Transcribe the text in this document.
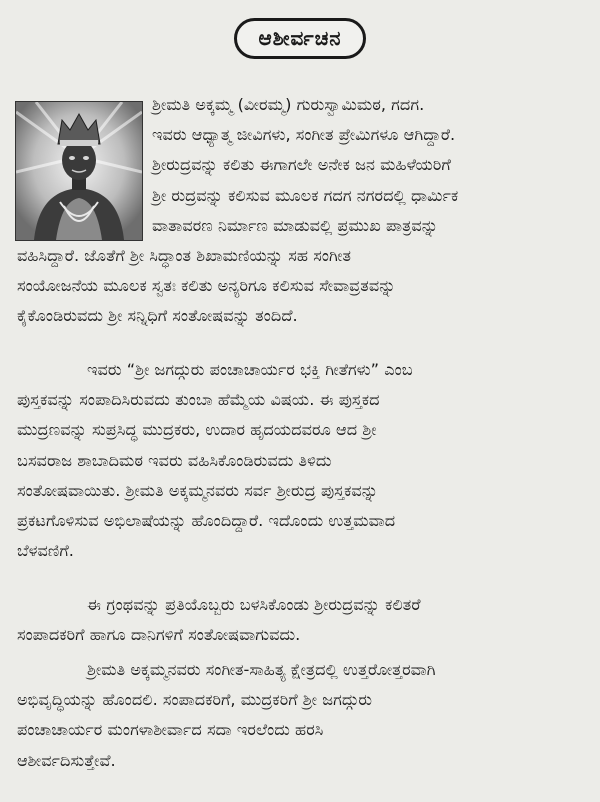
ಆಶೀರ್ವಚನ
ಶ್ರೀಮತಿ ಅಕ್ಕಮ್ಮ (ವೀರಮ್ಮ) ಗುರುಸ್ವಾಮಿಮಠ, ಗದಗ.
ಇವರು ಆಧ್ಯಾತ್ಮ ಜೀವಿಗಳು, ಸಂಗೀತ ಪ್ರೇಮಿಗಳೂ ಆಗಿದ್ದಾರೆ.
ಶ್ರೀರುದ್ರವನ್ನು ಕಲಿತು ಈಗಾಗಲೇ ಅನೇಕ ಜನ ಮಹಿಳೆಯರಿಗೆ
ಶ್ರೀ ರುದ್ರವನ್ನು ಕಲಿಸುವ ಮೂಲಕ ಗದಗ ನಗರದಲ್ಲಿ ಧಾರ್ಮಿಕ
ವಾತಾವರಣ ನಿರ್ಮಾಣ ಮಾಡುವಲ್ಲಿ ಪ್ರಮುಖ ಪಾತ್ರವನ್ನು
ವಹಿಸಿದ್ದಾರೆ. ಜೊತೆಗೆ ಶ್ರೀ ಸಿದ್ಧಾಂತ ಶಿಖಾಮಣಿಯನ್ನು ಸಹ ಸಂಗೀತ
ಸಂಯೋಜನೆಯ ಮೂಲಕ ಸ್ವತಃ ಕಲಿತು ಅನ್ಯರಿಗೂ ಕಲಿಸುವ ಸೇವಾವ್ರತವನ್ನು
ಕೈಕೊಂಡಿರುವದು ಶ್ರೀ ಸನ್ನಿಧಿಗೆ ಸಂತೋಷವನ್ನು ತಂದಿದೆ.
ಇವರು “ಶ್ರೀ ಜಗದ್ಗುರು ಪಂಚಾಚಾರ್ಯರ ಭಕ್ತಿ ಗೀತೆಗಳು” ಎಂಬ
ಪುಸ್ತಕವನ್ನು ಸಂಪಾದಿಸಿರುವದು ತುಂಬಾ ಹೆಮ್ಮೆಯ ವಿಷಯ. ಈ ಪುಸ್ತಕದ
ಮುದ್ರಣವನ್ನು ಸುಪ್ರಸಿದ್ಧ ಮುದ್ರಕರು, ಉದಾರ ಹೃದಯದವರೂ ಆದ ಶ್ರೀ
ಬಸವರಾಜ ಶಾಬಾದಿಮಠ ಇವರು ವಹಿಸಿಕೊಂಡಿರುವದು ತಿಳಿದು
ಸಂತೋಷವಾಯಿತು. ಶ್ರೀಮತಿ ಅಕ್ಕಮ್ಮನವರು ಸರ್ವ ಶ್ರೀರುದ್ರ ಪುಸ್ತಕವನ್ನು
ಪ್ರಕಟಗೊಳಿಸುವ ಅಭಿಲಾಷೆಯನ್ನು ಹೊಂದಿದ್ದಾರೆ. ಇದೊಂದು ಉತ್ತಮವಾದ
ಬೆಳವಣಿಗೆ.
ಈ ಗ್ರಂಥವನ್ನು ಪ್ರತಿಯೊಬ್ಬರು ಬಳಸಿಕೊಂಡು ಶ್ರೀರುದ್ರವನ್ನು ಕಲಿತರೆ
ಸಂಪಾದಕರಿಗೆ ಹಾಗೂ ದಾನಿಗಳಿಗೆ ಸಂತೋಷವಾಗುವದು.
ಶ್ರೀಮತಿ ಅಕ್ಕಮ್ಮನವರು ಸಂಗೀತ-ಸಾಹಿತ್ಯ ಕ್ಷೇತ್ರದಲ್ಲಿ ಉತ್ತರೋತ್ತರವಾಗಿ
ಅಭಿವೃದ್ಧಿಯನ್ನು ಹೊಂದಲಿ. ಸಂಪಾದಕರಿಗೆ, ಮುದ್ರಕರಿಗೆ ಶ್ರೀ ಜಗದ್ಗುರು
ಪಂಚಾಚಾರ್ಯರ ಮಂಗಳಾಶೀರ್ವಾದ ಸದಾ ಇರಲೆಂದು ಹರಸಿ
ಆಶೀರ್ವದಿಸುತ್ತೇವೆ.
